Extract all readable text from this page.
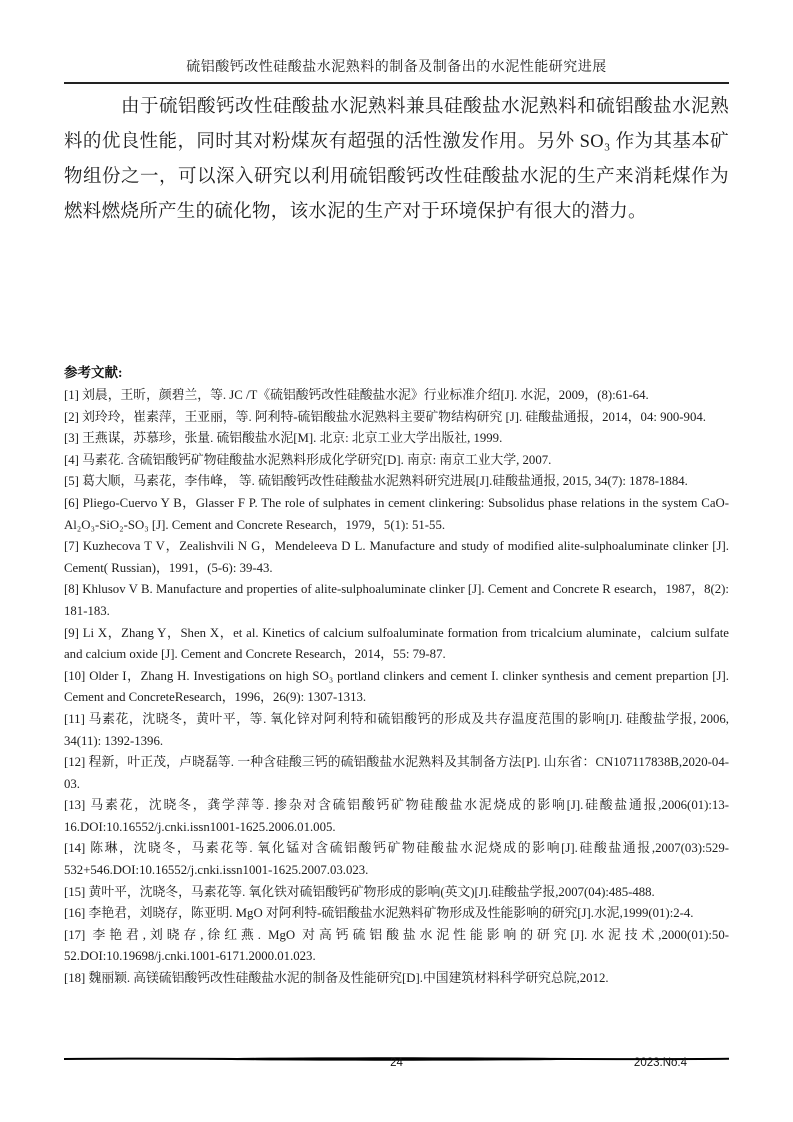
硫铝酸钙改性硅酸盐水泥熟料的制备及制备出的水泥性能研究进展
由于硫铝酸钙改性硅酸盐水泥熟料兼具硅酸盐水泥熟料和硫铝酸盐水泥熟料的优良性能，同时其对粉煤灰有超强的活性激发作用。另外 SO₃ 作为其基本矿物组份之一，可以深入研究以利用硫铝酸钙改性硅酸盐水泥的生产来消耗煤作为燃料燃烧所产生的硫化物，该水泥的生产对于环境保护有很大的潜力。
参考文献:
[1] 刘晨，王昕，颜碧兰，等. JC /T《硫铝酸钙改性硅酸盐水泥》行业标准介绍[J]. 水泥，2009，(8):61-64.
[2] 刘玲玲，崔素萍，王亚丽，等. 阿利特-硫铝酸盐水泥熟料主要矿物结构研究 [J]. 硅酸盐通报，2014，04: 900-904.
[3] 王燕谋，苏慕珍，张量. 硫铝酸盐水泥[M]. 北京: 北京工业大学出版社, 1999.
[4] 马素花. 含硫铝酸钙矿物硅酸盐水泥熟料形成化学研究[D]. 南京: 南京工业大学, 2007.
[5] 葛大顺，马素花，李伟峰， 等. 硫铝酸钙改性硅酸盐水泥熟料研究进展[J].硅酸盐通报, 2015, 34(7): 1878-1884.
[6] Pliego-Cuervo Y B，Glasser F P. The role of sulphates in cement clinkering: Subsolidus phase relations in the system CaO-Al₂O₃-SiO₂-SO₃ [J]. Cement and Concrete Research，1979，5(1): 51-55.
[7] Kuzhecova T V，Zealishvili N G，Mendeleeva D L. Manufacture and study of modified alite-sulphoaluminate clinker [J]. Cement( Russian)，1991，(5-6): 39-43.
[8] Khlusov V B. Manufacture and properties of alite-sulphoaluminate clinker [J]. Cement and Concrete R esearch，1987，8(2): 181-183.
[9] Li X，Zhang Y，Shen X，et al. Kinetics of calcium sulfoaluminate formation from tricalcium aluminate，calcium sulfate and calcium oxide [J]. Cement and Concrete Research，2014，55: 79-87.
[10] Older I，Zhang H. Investigations on high SO₃ portland clinkers and cement I. clinker synthesis and cement prepartion [J]. Cement and ConcreteResearch，1996，26(9): 1307-1313.
[11] 马素花，沈晓冬，黄叶平，等. 氧化锌对阿利特和硫铝酸钙的形成及共存温度范围的影响[J]. 硅酸盐学报, 2006, 34(11): 1392-1396.
[12] 程新，叶正茂，卢晓磊等. 一种含硅酸三钙的硫铝酸盐水泥熟料及其制备方法[P]. 山东省：CN107117838B,2020-04-03.
[13] 马素花，沈晓冬，龚学萍等. 掺杂对含硫铝酸钙矿物硅酸盐水泥烧成的影响[J].硅酸盐通报,2006(01):13-16.DOI:10.16552/j.cnki.issn1001-1625.2006.01.005.
[14] 陈琳，沈晓冬，马素花等. 氧化锰对含硫铝酸钙矿物硅酸盐水泥烧成的影响[J].硅酸盐通报,2007(03):529-532+546.DOI:10.16552/j.cnki.issn1001-1625.2007.03.023.
[15] 黄叶平，沈晓冬，马素花等. 氧化铁对硫铝酸钙矿物形成的影响(英文)[J].硅酸盐学报,2007(04):485-488.
[16] 李艳君，刘晓存，陈亚明. MgO 对阿利特-硫铝酸盐水泥熟料矿物形成及性能影响的研究[J].水泥,1999(01):2-4.
[17] 李艳君,刘晓存,徐红燕. MgO 对高钙硫铝酸盐水泥性能影响的研究[J].水泥技术,2000(01):50-52.DOI:10.19698/j.cnki.1001-6171.2000.01.023.
[18] 魏丽颖. 高镁硫铝酸钙改性硅酸盐水泥的制备及性能研究[D].中国建筑材料科学研究总院,2012.
24	2023.No.4
